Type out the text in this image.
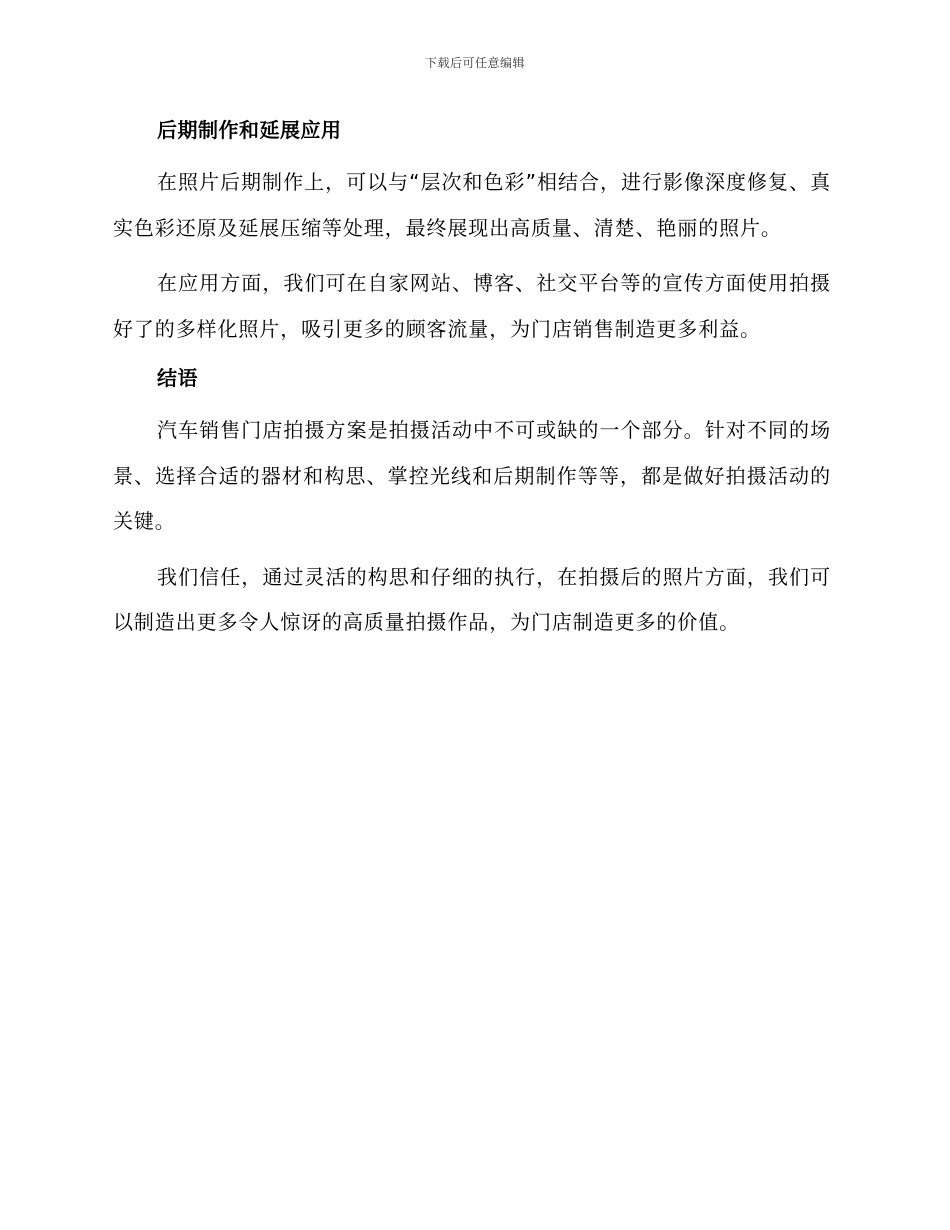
下载后可任意编辑
后期制作和延展应用

在照片后期制作上，可以与“层次和色彩”相结合，进行影像深度修复、真实色彩还原及延展压缩等处理，最终展现出高质量、清楚、艳丽的照片。

在应用方面，我们可在自家网站、博客、社交平台等的宣传方面使用拍摄好了的多样化照片，吸引更多的顾客流量，为门店销售制造更多利益。

结语

汽车销售门店拍摄方案是拍摄活动中不可或缺的一个部分。针对不同的场景、选择合适的器材和构思、掌控光线和后期制作等等，都是做好拍摄活动的关键。

我们信任，通过灵活的构思和仔细的执行，在拍摄后的照片方面，我们可以制造出更多令人惊讶的高质量拍摄作品，为门店制造更多的价值。
